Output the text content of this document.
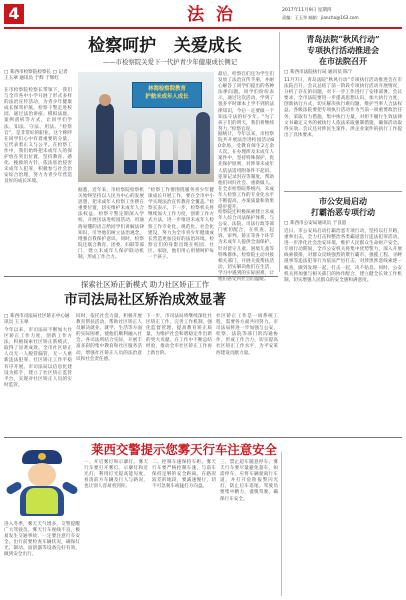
4	法  治	2017年11月9日 星期四
责编：王玉翠 邮箱：jiancha@163.com
检察呵护   关爱成长
——市检察院关爱下一代护青少年健康成长侧记
□ 莱西市检察院检察长 □ 记者 王玉翠 通讯员 于辉 于辉红
在市检察院检察长带领下，我们与全市各中小学开展了形式多样的法治宣传活动，为青少年健康成长保驾护航。检察干警走进校园，通过法治讲座、模拟法庭、案例剖析等方式，让同学们学法、知法、守法、用法。“检察官”，是非常好的职业。这个称呼在同学们心中有着重要的分量，它代表着正义与公平。在检察工作中，我们始终把未成年人的保护放在突出位置，坚持教育、感化、挽救的方针，依法惩治侵害未成年人犯罪，积极参与社会治安综合治理，努力为青少年营造良好的成长环境。
林海检察院教育
护航未成年人成长
据悉，近年来，市检察院检察机关始终坚持以人民为中心的发展思想，把未成年人检察工作摆在重要位置，切实维护未成年人合法权益。检察干警定期深入学校，开展送法进校园活动，用通俗易懂的语言给同学们讲解法律知识，引导他们树立法治观念，增强自我保护意识。同时，检察院还联合教育、团委、妇联等部门，建立未成年人保护联动机制，形成工作合力。
“检察工作要围绕服务青少年健康成长开展工作，要在全市中小学实现法治宣传教育全覆盖。”检察长表示，下一步，检察机关将继续加大工作力度，创新工作方式方法，进一步推进未成年人检察工作专业化、规范化、社会化建设，努力为全市青少年健康成长营造更加良好的法治环境。检察官们的身影出现在校园、社区、家庭，他们用心用情呵护每一个孩子。
最后，检察官们还为学生们发放了法治宣传手册，并耐心解答了同学们提出的各种法律问题。同学们纷纷表示，通过这次活动，学到了很多平时课本上学不到的法律知识，今后一定要做一个知法守法的好少年。“为了孩子们的明天，我们将继续努力。”检察官说。
据统计，今年以来，市检察院共开展法治进校园活动80余场，受教育师生2万余人次。在办理涉及未成年人案件中，坚持特殊保护、优先保护原则，对涉罪未成年人依法适用附条件不起诉、犯罪记录封存等制度，帮助他们回归社会、重新做人。在全市检察院系统内，未成年人检察工作的专业化水平不断提高，办案质量和效果稳步提升。
检察院还积极探索建立未成年人综合司法保护体系，与公安、法院、司法行政等部门密切配合，在侦查、起诉、审判、矫正等各个环节为未成年人提供全面保护。针对留守儿童、困境儿童等特殊群体，检察院主动对接相关部门，开展关爱帮扶活动，切实解决他们在生活、学习中遇到的实际困难，让他们感受到社会的温暖。
青岛法院“秋风行动”
专项执行活动推进会
在市法院召开
□ 莱西市法院执行局 通讯员 陈宁
11月7日，青岛法院“秋风行动”专项执行活动推进会在市法院召开。会议总结了前一阶段专项执行活动开展情况，分析了存在的问题，对下一步工作进行了安排部署。会议要求，全市法院要进一步提高思想认识，加大执行力度，创新执行方式，切实解决执行难问题，维护当事人合法权益。各级法院要把专项执行活动作为当前一项重要政治任务，采取有力措施，集中执行力量，对拒不履行生效法律文书确定义务的被执行人依法采取强制措施，确保活动取得实效。会议还对涉民生案件、涉企业案件的执行工作提出了具体要求。
市公安局启动
打霸治恶专项行动
□ 莱西市公安局通讯员 于良恩
近日，市公安局启动打霸治恶专项行动，坚持以打开路，重拳出击，全力打击和整治各类霸道恶行违法犯罪活动，进一步净化社会治安环境，维护人民群众生命财产安全。专项行动期间，全市公安机关将集中优势警力，深入开展线索摸排，对群众反映强烈的欺行霸市、强揽工程、寻衅滋事等违法犯罪行为依法严厉打击，对涉黑涉恶线索逐一核查，做到发现一起、打击一起，决不姑息。同时，公安机关将加强与相关部门的协作配合，建立健全长效工作机制，切实增强人民群众的安全感和满意度。
探索社区矫正新模式 助力社区矫正工作
市司法局社区矫治成效显著
□ 莱西市司法局社区矫正中心通讯员 王玉翠
今年以来，市司法局不断加大社区矫正工作力度，创新工作方法，积极探索社区矫正新模式，取得了显著成效。全市社区矫正人员无一人脱管漏管，无一人重新违法犯罪，社区矫正工作平稳有序开展。市司法局以信息化建设为抓手，建立了社区矫正监管平台，实现对社区矫正人员的实时监管。
同时，依托社会力量，积极开展教育帮扶活动，帮助社区矫正人员解决就业、就学、生活等方面的实际困难，使他们顺利融入社会。各司法所结合实际，开展丰富多彩的集中教育和社区服务活动，增强社区矫正人员的法治意识和社会责任感。
下一步，市司法局将继续深化社区矫正工作，完善工作机制，强化监督管理，提高教育矫正质量，为维护社会和谐稳定作出新的更大贡献。在工作中不断总结经验，推动全市社区矫正工作再上新台阶。
社区矫正工作是一项系统工程，需要各方面共同努力。市司法局将进一步加强与公安、检察、法院等部门的沟通协作，形成工作合力，切实提高社区矫正工作水平，为平安莱西建设贡献力量。
莱西交警提示您雾天行车注意安全
进入冬季，雾天天气增多。交警提醒广大驾驶员，雾天行车视线不良，极易发生交通事故，一定要注意行车安全。出行前要检查车辆状况，确保灯光、制动、雨刮器等设备完好有效，做到安全出行。
一、开启雾灯和示廓灯。雾天行车要打开雾灯、示廓灯和近光灯，利用灯光提高能见度，看清前方车辆及行人与路况，也让别人容易看到你。
二、控制车速保持车距。雾天行车要严格控制车速，与前车保持足够的安全距离。在路况较差的地段，要减速慢行，切不可急刹车或猛打方向盘。
三、禁止超车随意停车。雾天行车要尽量避免超车，如需停车，应将车辆驶离行车道，并打开危险报警闪光灯，防止后车追尾。驾驶员要集中精力，谨慎驾驶，确保行车安全。
